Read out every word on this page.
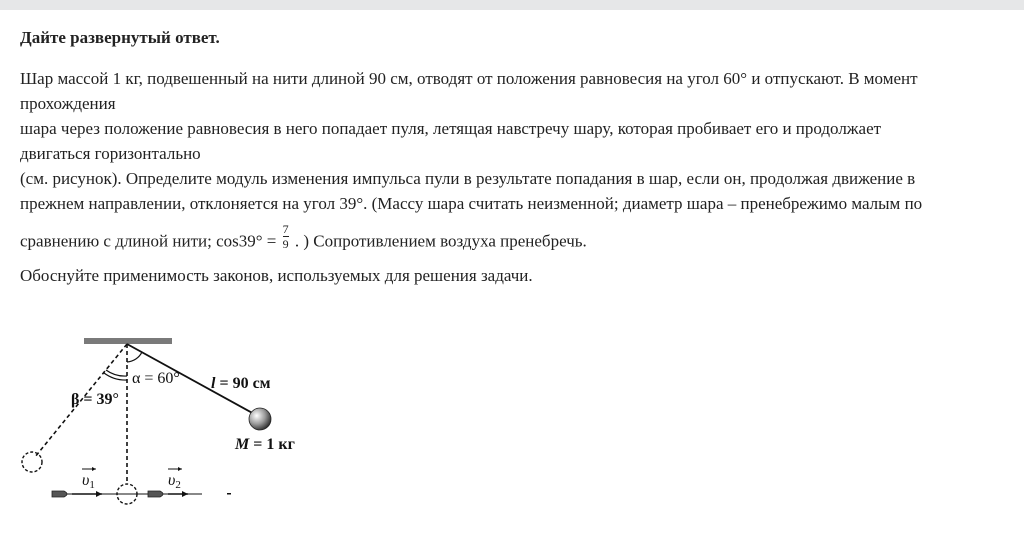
Дайте развернутый ответ.
Шар массой 1 кг, подвешенный на нити длиной 90 см, отводят от положения равновесия на угол 60° и отпускают. В момент
прохождения
шара через положение равновесия в него попадает пуля, летящая навстречу шару, которая пробивает его и продолжает
двигаться горизонтально
(см. рисунок). Определите модуль изменения импульса пули в результате попадания в шар, если он, продолжая движение в
прежнем направлении, отклоняется на угол 39°. (Массу шара считать неизменной; диаметр шара – пренебрежимо малым по
сравнению с длиной нити; $\cos 39^\circ = \frac{7}{9}$ . ) Сопротивлением воздуха пренебречь.
Обоснуйте применимость законов, используемых для решения задачи.
α = 60°
β = 39°
l = 90 см
M = 1 кг
υ1	υ2
